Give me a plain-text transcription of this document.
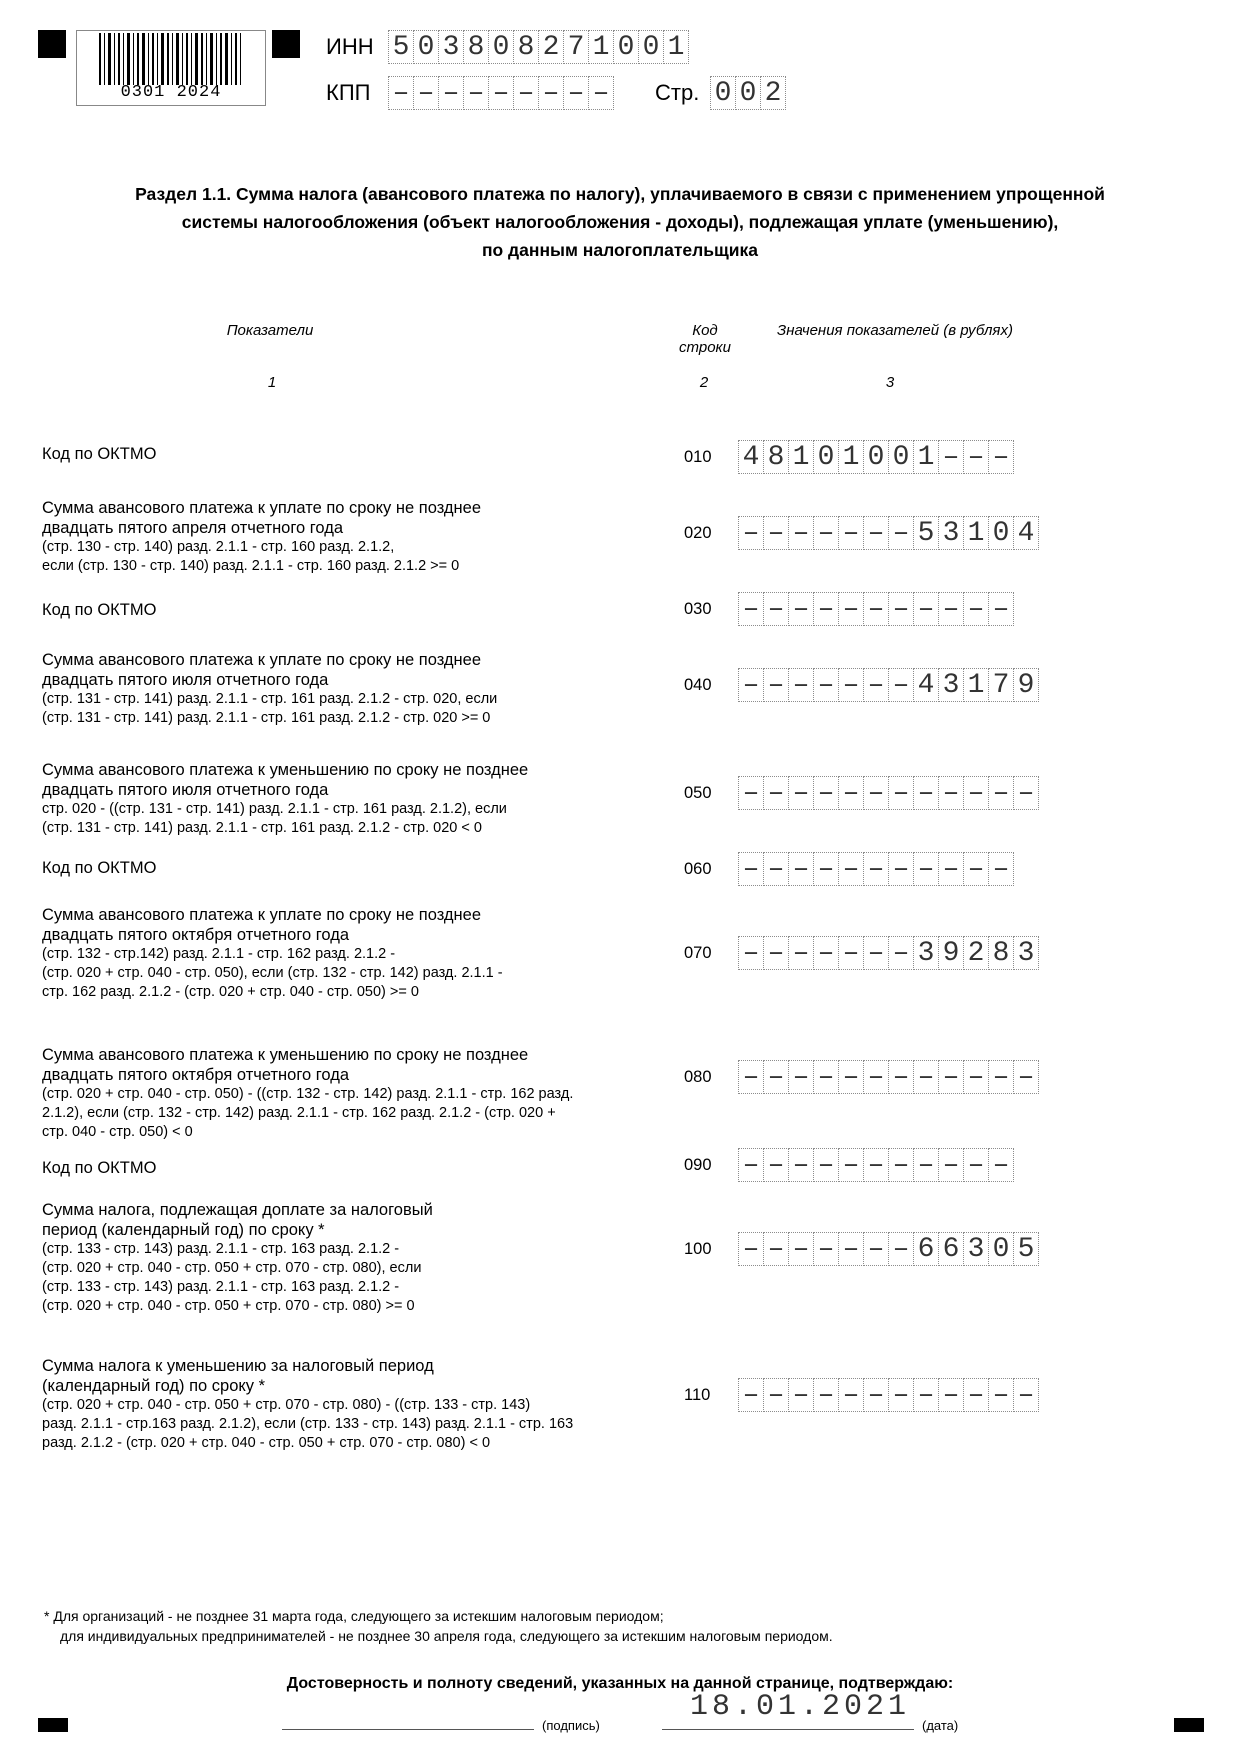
0301 2024
ИНН 5 0 3 8 0 8 2 7 1 0 0 1
КПП – – – – – – – – – Стр. 0 0 2
Раздел 1.1. Сумма налога (авансового платежа по налогу), уплачиваемого в связи с применением упрощенной
системы налогообложения (объект налогообложения - доходы), подлежащая уплате (уменьшению),
по данным налогоплательщика
Показатели	Код
строки
Значения показателей (в рублях)
1	2	3
Код по ОКТМО	010 4 8 1 0 1 0 0 1 – – –
Сумма авансового платежа к уплате по сроку не позднее
двадцать пятого апреля отчетного года
(стр. 130 - стр. 140) разд. 2.1.1 - стр. 160 разд. 2.1.2,
если (стр. 130 - стр. 140) разд. 2.1.1 - стр. 160 разд. 2.1.2 >= 0
020 – – – – – – – 5 3 1 0 4
Код по ОКТМО	030 – – – – – – – – – – –
Сумма авансового платежа к уплате по сроку не позднее
двадцать пятого июля отчетного года
(стр. 131 - стр. 141) разд. 2.1.1 - стр. 161 разд. 2.1.2 - стр. 020, если
(стр. 131 - стр. 141) разд. 2.1.1 - стр. 161 разд. 2.1.2 - стр. 020 >= 0
040 – – – – – – – 4 3 1 7 9
Сумма авансового платежа к уменьшению по сроку не позднее
двадцать пятого июля отчетного года
стр. 020 - ((стр. 131 - стр. 141) разд. 2.1.1 - стр. 161 разд. 2.1.2), если
(стр. 131 - стр. 141) разд. 2.1.1 - стр. 161 разд. 2.1.2 - стр. 020 < 0
050 – – – – – – – – – – – –
Код по ОКТМО	060 – – – – – – – – – – –
Сумма авансового платежа к уплате по сроку не позднее
двадцать пятого октября отчетного года
(стр. 132 - стр.142) разд. 2.1.1 - стр. 162 разд. 2.1.2 -
(стр. 020 + стр. 040 - стр. 050), если (стр. 132 - стр. 142) разд. 2.1.1 -
стр. 162 разд. 2.1.2 - (стр. 020 + стр. 040 - стр. 050) >= 0
070 – – – – – – – 3 9 2 8 3
Сумма авансового платежа к уменьшению по сроку не позднее
двадцать пятого октября отчетного года
(стр. 020 + стр. 040 - стр. 050) - ((стр. 132 - стр. 142) разд. 2.1.1 - стр. 162 разд.
2.1.2), если (стр. 132 - стр. 142) разд. 2.1.1 - стр. 162 разд. 2.1.2 - (стр. 020 +
стр. 040 - стр. 050) < 0
080 – – – – – – – – – – – –
Код по ОКТМО	090 – – – – – – – – – – –
Сумма налога, подлежащая доплате за налоговый
период (календарный год) по сроку *
(стр. 133 - стр. 143) разд. 2.1.1 - стр. 163 разд. 2.1.2 -
(стр. 020 + стр. 040 - стр. 050 + стр. 070 - стр. 080), если
(стр. 133 - стр. 143) разд. 2.1.1 - стр. 163 разд. 2.1.2 -
(стр. 020 + стр. 040 - стр. 050 + стр. 070 - стр. 080) >= 0
100 – – – – – – – 6 6 3 0 5
Сумма налога к уменьшению за налоговый период
(календарный год) по сроку *
(стр. 020 + стр. 040 - стр. 050 + стр. 070 - стр. 080) - ((стр. 133 - стр. 143)
разд. 2.1.1 - стр.163 разд. 2.1.2), если (стр. 133 - стр. 143) разд. 2.1.1 - стр. 163
разд. 2.1.2 - (стр. 020 + стр. 040 - стр. 050 + стр. 070 - стр. 080) < 0
110 – – – – – – – – – – – –
* Для организаций - не позднее 31 марта года, следующего за истекшим налоговым периодом;
для индивидуальных предпринимателей - не позднее 30 апреля года, следующего за истекшим налоговым периодом.
Достоверность и полноту сведений, указанных на данной странице, подтверждаю:
(подпись)
18.01.2021
(дата)
